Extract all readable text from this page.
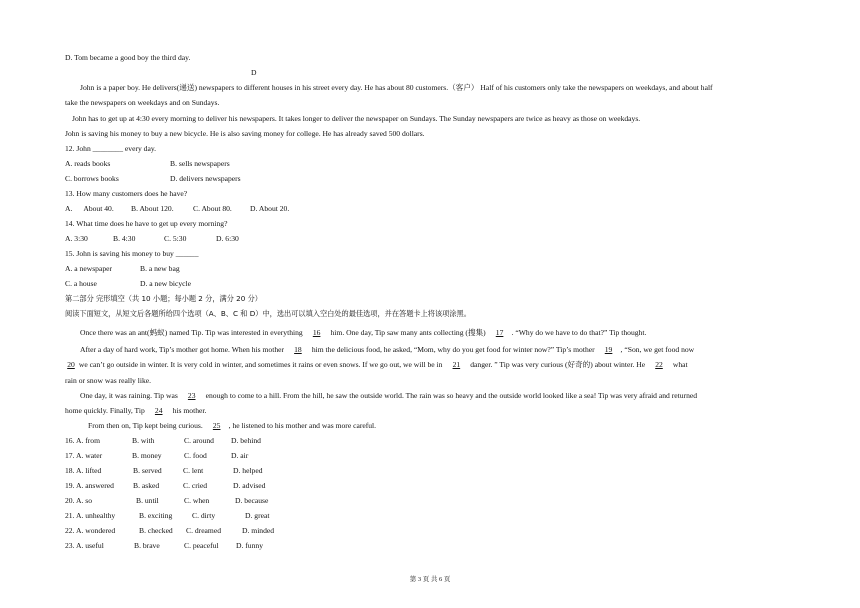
D. Tom became a good boy the third day.
D
John is a paper boy. He delivers(递送) newspapers to different houses in his street every day. He has about 80 customers.（客户） Half of his customers only take the newspapers on weekdays, and about half
take the newspapers on weekdays and on Sundays.
John has to get up at 4:30 every morning to deliver his newspapers. It takes longer to deliver the newspaper on Sundays. The Sunday newspapers are twice as heavy as those on weekdays.
John is saving his money to buy a new bicycle. He is also saving money for college. He has already saved 500 dollars.
12. John ________ every day.
A. reads books	B. sells newspapers
C. borrows books	D. delivers newspapers
13. How many customers does he have?
A.      About 40. B. About 120.	C. About 80. D. About 20.
14. What time does he have to get up every morning?
A. 3:30	B. 4:30	C. 5:30	D. 6:30
15. John is saving his money to buy ______
A. a newspaper	B. a new bag
C. a house	D. a new bicycle
第二部分 完形填空（共 10 小题；每小题 2 分，满分 20 分）
阅读下面短文，从短文后各题所给四个选项（A、B、C 和 D）中，选出可以填入空白处的最佳选项，并在答题卡上将该项涂黑。
Once there was an ant(蚂蚁) named Tip. Tip was interested in everything 16 him. One day, Tip saw many ants collecting (搜集) 17 . “Why do we have to do that?” Tip thought.
After a day of hard work, Tip’s mother got home. When his mother 18 him the delicious food, he asked, “Mom, why do you get food for winter now?” Tip’s mother 19 , “Son, we get food now
20 we can’t go outside in winter. It is very cold in winter, and sometimes it rains or even snows. If we go out, we will be in 21 danger. ” Tip was very curious (好奇的) about winter. He 22 what
rain or snow was really like.
One day, it was raining. Tip was 23 enough to come to a hill. From the hill, he saw the outside world. The rain was so heavy and the outside world looked like a sea! Tip was very afraid and returned
home quickly. Finally, Tip 24 his mother.
From then on, Tip kept being curious. 25 , he listened to his mother and was more careful.
16. A. from	B. with	C. around D. behind
17. A. water	B. money	C. food	D. air
18. A. lifted	B. served	C. lent	D. helped
19. A. answered	B. asked	C. cried	D. advised
20. A. so	B. until	C. when	D. because
21. A. unhealthy	B. exciting	C. dirty	D. great
22. A. wondered	B. checked C. dreamed	D. minded
23. A. useful	B. brave	C. peaceful D. funny
第 3 页 共 6 页
